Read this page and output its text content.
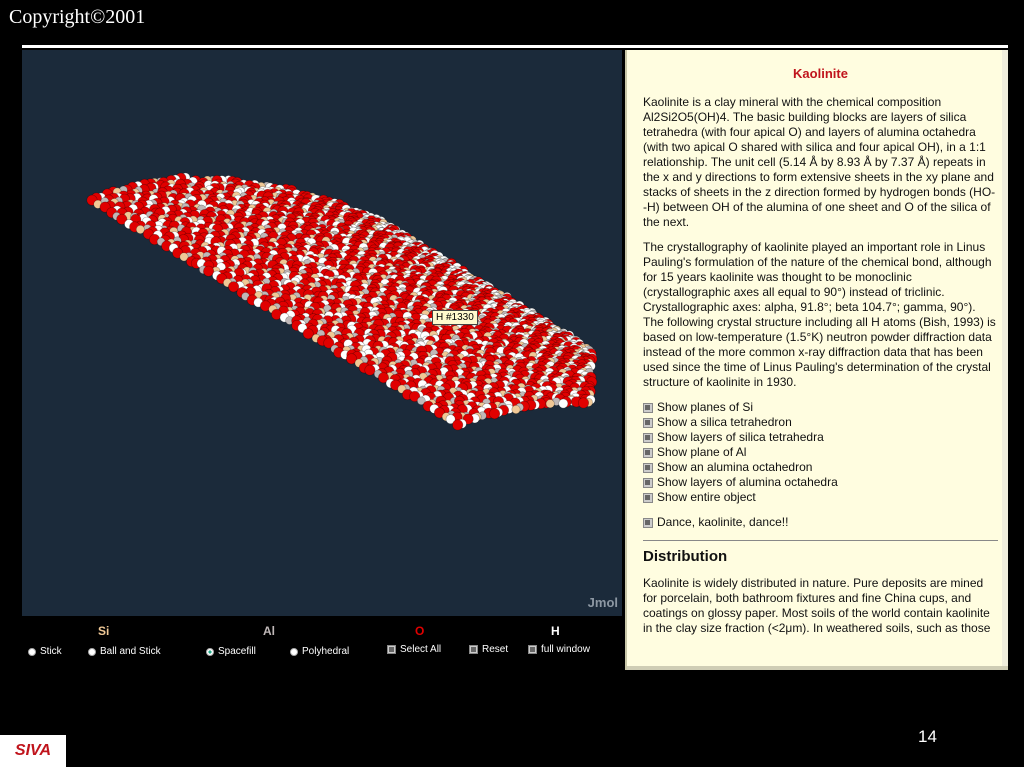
Copyright©2001
H #1330
Jmol
Si	Al	O	H
Stick	Ball and Stick	Spacefill	Polyhedral	Select All	Reset	full window
Kaolinite

Kaolinite is a clay mineral with the chemical composition Al2Si2O5(OH)4. The basic building blocks are layers of silica tetrahedra (with four apical O) and layers of alumina octahedra (with two apical O shared with silica and four apical OH), in a 1:1 relationship. The unit cell (5.14 Å by 8.93 Å by 7.37 Å) repeats in the x and y directions to form extensive sheets in the xy plane and stacks of sheets in the z direction formed by hydrogen bonds (HO--H) between OH of the alumina of one sheet and O of the silica of the next.

The crystallography of kaolinite played an important role in Linus Pauling's formulation of the nature of the chemical bond, although for 15 years kaolinite was thought to be monoclinic (crystallographic axes all equal to 90°) instead of triclinic. Crystallographic axes: alpha, 91.8°; beta 104.7°; gamma, 90°). The following crystal structure including all H atoms (Bish, 1993) is based on low-temperature (1.5°K) neutron powder diffraction data instead of the more common x-ray diffraction data that has been used since the time of Linus Pauling's determination of the crystal structure of kaolinite in 1930.

Show planes of Si
Show a silica tetrahedron
Show layers of silica tetrahedra
Show plane of Al
Show an alumina octahedron
Show layers of alumina octahedra
Show entire object
Dance, kaolinite, dance!!
Distribution

Kaolinite is widely distributed in nature. Pure deposits are mined for porcelain, both bathroom fixtures and fine China cups, and coatings on glossy paper. Most soils of the world contain kaolinite in the clay size fraction (<2μm). In weathered soils, such as those

14
SIVA
